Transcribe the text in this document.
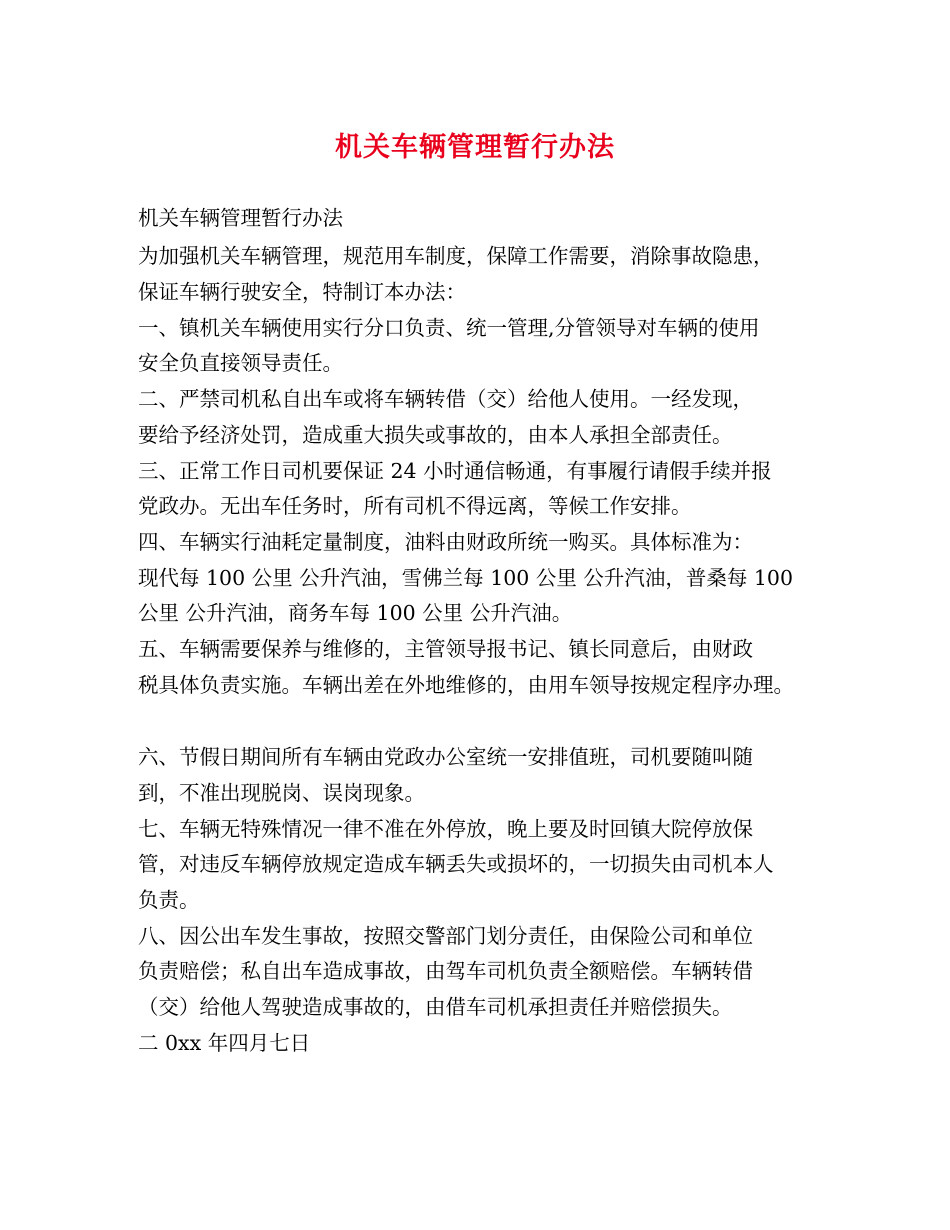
机关车辆管理暂行办法
机关车辆管理暂行办法
为加强机关车辆管理，规范用车制度，保障工作需要，消除事故隐患，
保证车辆行驶安全，特制订本办法：
一、镇机关车辆使用实行分口负责、统一管理,分管领导对车辆的使用
安全负直接领导责任。
二、严禁司机私自出车或将车辆转借（交）给他人使用。一经发现，
要给予经济处罚，造成重大损失或事故的，由本人承担全部责任。
三、正常工作日司机要保证 24 小时通信畅通，有事履行请假手续并报
党政办。无出车任务时，所有司机不得远离，等候工作安排。
四、车辆实行油耗定量制度，油料由财政所统一购买。具体标准为：
现代每 100 公里 公升汽油，雪佛兰每 100 公里 公升汽油，普桑每 100
公里 公升汽油，商务车每 100 公里 公升汽油。
五、车辆需要保养与维修的，主管领导报书记、镇长同意后，由财政
税具体负责实施。车辆出差在外地维修的，由用车领导按规定程序办理。
六、节假日期间所有车辆由党政办公室统一安排值班，司机要随叫随
到，不准出现脱岗、误岗现象。
七、车辆无特殊情况一律不准在外停放，晚上要及时回镇大院停放保
管，对违反车辆停放规定造成车辆丢失或损坏的，一切损失由司机本人
负责。
八、因公出车发生事故，按照交警部门划分责任，由保险公司和单位
负责赔偿；私自出车造成事故，由驾车司机负责全额赔偿。车辆转借
（交）给他人驾驶造成事故的，由借车司机承担责任并赔偿损失。
二 0xx 年四月七日
